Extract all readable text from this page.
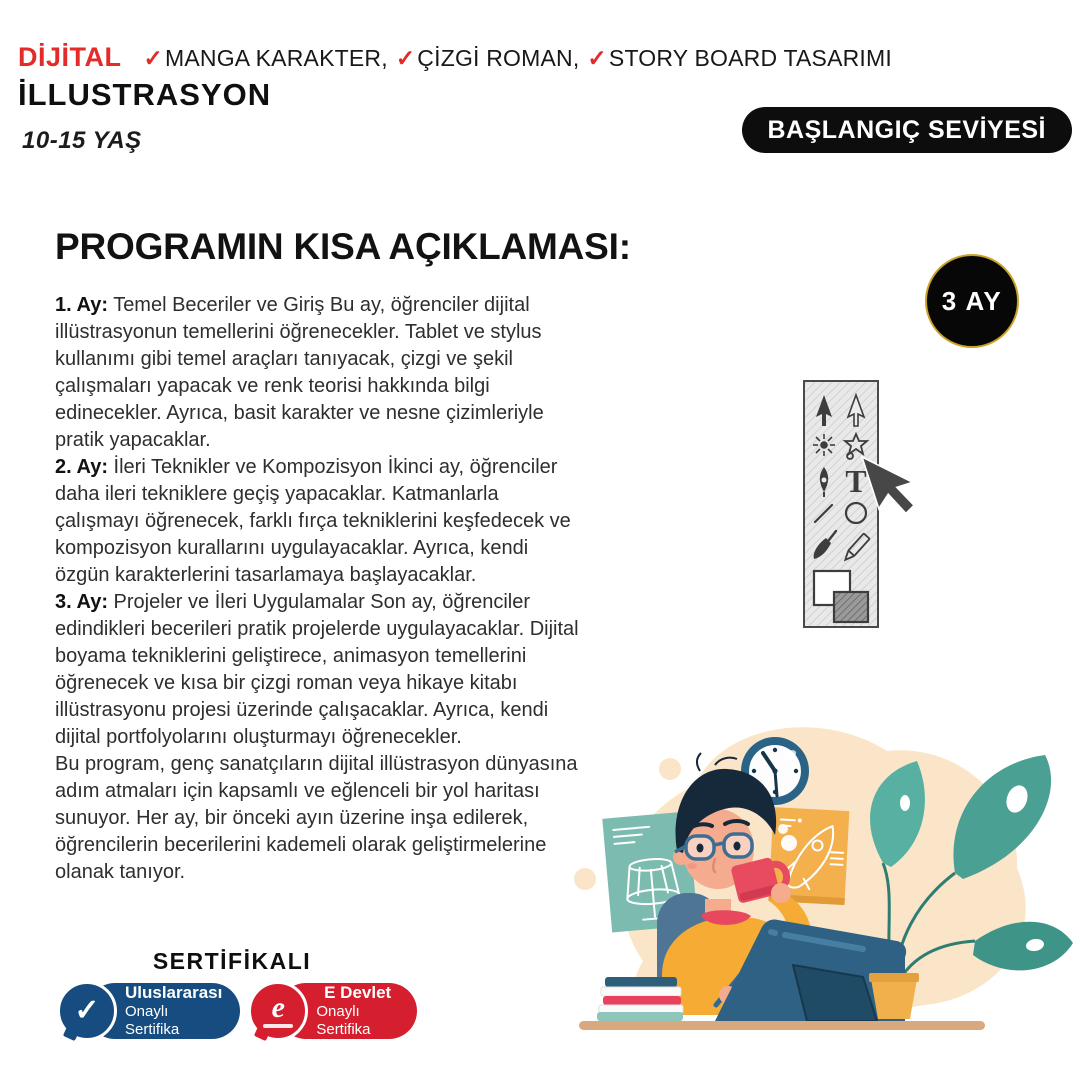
DİJİTAL ✓MANGA KARAKTER, ✓ÇİZGİ ROMAN, ✓STORY BOARD TASARIMI
İLLUSTRASYON
10-15 YAŞ	BAŞLANGIÇ SEVİYESİ
PROGRAMIN KISA AÇIKLAMASI:

1. Ay: Temel Beceriler ve Giriş Bu ay, öğrenciler dijital illüstrasyonun temellerini öğrenecekler. Tablet ve stylus kullanımı gibi temel araçları tanıyacak, çizgi ve şekil çalışmaları yapacak ve renk teorisi hakkında bilgi edinecekler. Ayrıca, basit karakter ve nesne çizimleriyle pratik yapacaklar.

2. Ay: İleri Teknikler ve Kompozisyon İkinci ay, öğrenciler daha ileri tekniklere geçiş yapacaklar. Katmanlarla çalışmayı öğrenecek, farklı fırça tekniklerini keşfedecek ve kompozisyon kurallarını uygulayacaklar. Ayrıca, kendi özgün karakterlerini tasarlamaya başlayacaklar.

3. Ay: Projeler ve İleri Uygulamalar Son ay, öğrenciler edindikleri becerileri pratik projelerde uygulayacaklar. Dijital boyama tekniklerini geliştirece, animasyon temellerini öğrenecek ve kısa bir çizgi roman veya hikaye kitabı illüstrasyonu projesi üzerinde çalışacaklar. Ayrıca, kendi dijital portfolyolarını oluşturmayı öğrenecekler.

Bu program, genç sanatçıların dijital illüstrasyon dünyasına adım atmaları için kapsamlı ve eğlenceli bir yol haritası sunuyor. Her ay, bir önceki ayın üzerine inşa edilerek, öğrencilerin becerilerini kademeli olarak geliştirmelerine olanak tanıyor.

3 AY
T
SERTİFİKALI
✓
Uluslararası
Onaylı Sertifika
e E Devlet
Onaylı Sertifika
